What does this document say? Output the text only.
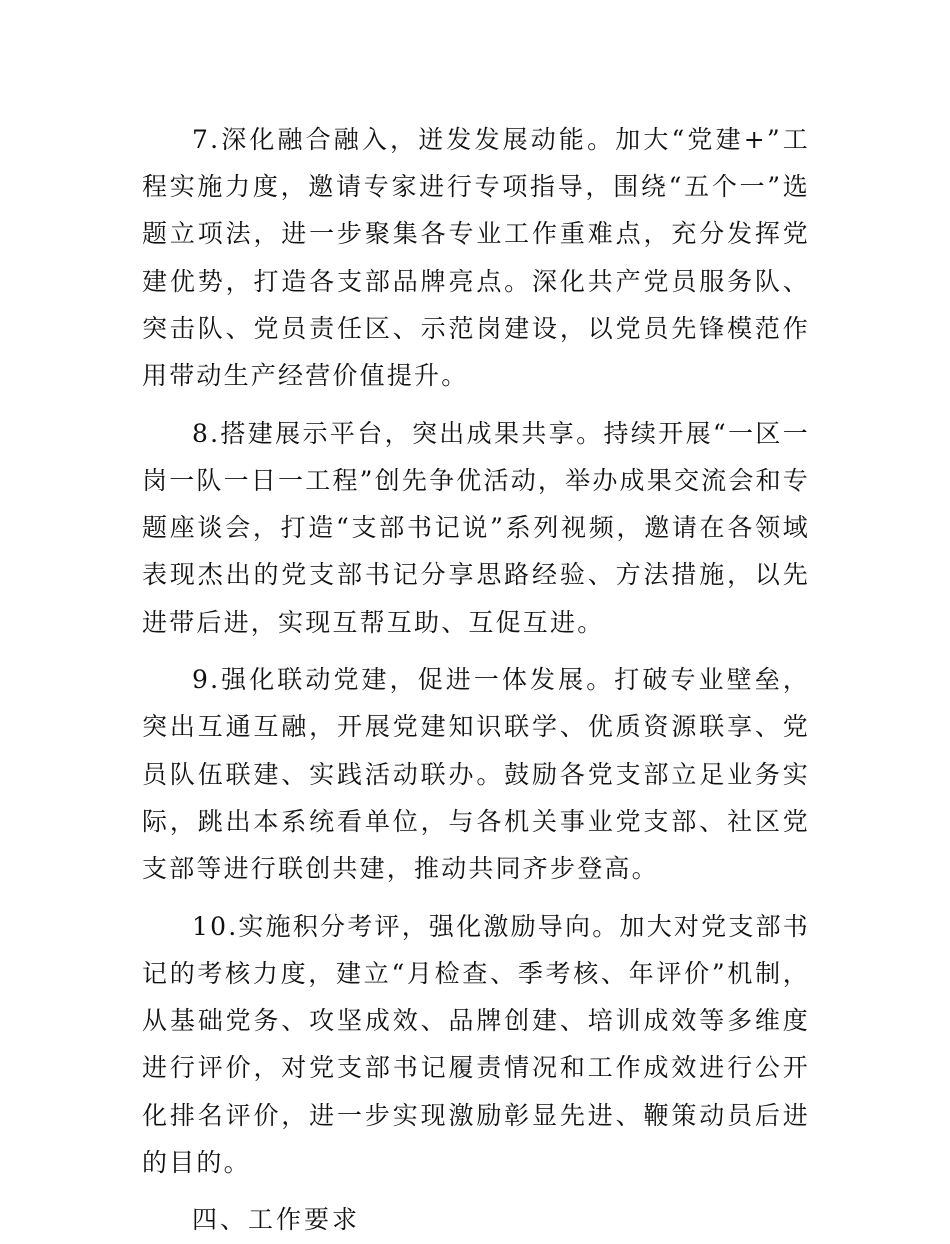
7.深化融合融入，迸发发展动能。加大“党建+”工程实施力度，邀请专家进行专项指导，围绕“五个一”选题立项法，进一步聚集各专业工作重难点，充分发挥党建优势，打造各支部品牌亮点。深化共产党员服务队、突击队、党员责任区、示范岗建设，以党员先锋模范作用带动生产经营价值提升。

8.搭建展示平台，突出成果共享。持续开展“一区一岗一队一日一工程”创先争优活动，举办成果交流会和专题座谈会，打造“支部书记说”系列视频，邀请在各领域表现杰出的党支部书记分享思路经验、方法措施，以先进带后进，实现互帮互助、互促互进。

9.强化联动党建，促进一体发展。打破专业壁垒，突出互通互融，开展党建知识联学、优质资源联享、党员队伍联建、实践活动联办。鼓励各党支部立足业务实际，跳出本系统看单位，与各机关事业党支部、社区党支部等进行联创共建，推动共同齐步登高。

10.实施积分考评，强化激励导向。加大对党支部书记的考核力度，建立“月检查、季考核、年评价”机制，从基础党务、攻坚成效、品牌创建、培训成效等多维度进行评价，对党支部书记履责情况和工作成效进行公开化排名评价，进一步实现激励彰显先进、鞭策动员后进的目的。

四、工作要求
